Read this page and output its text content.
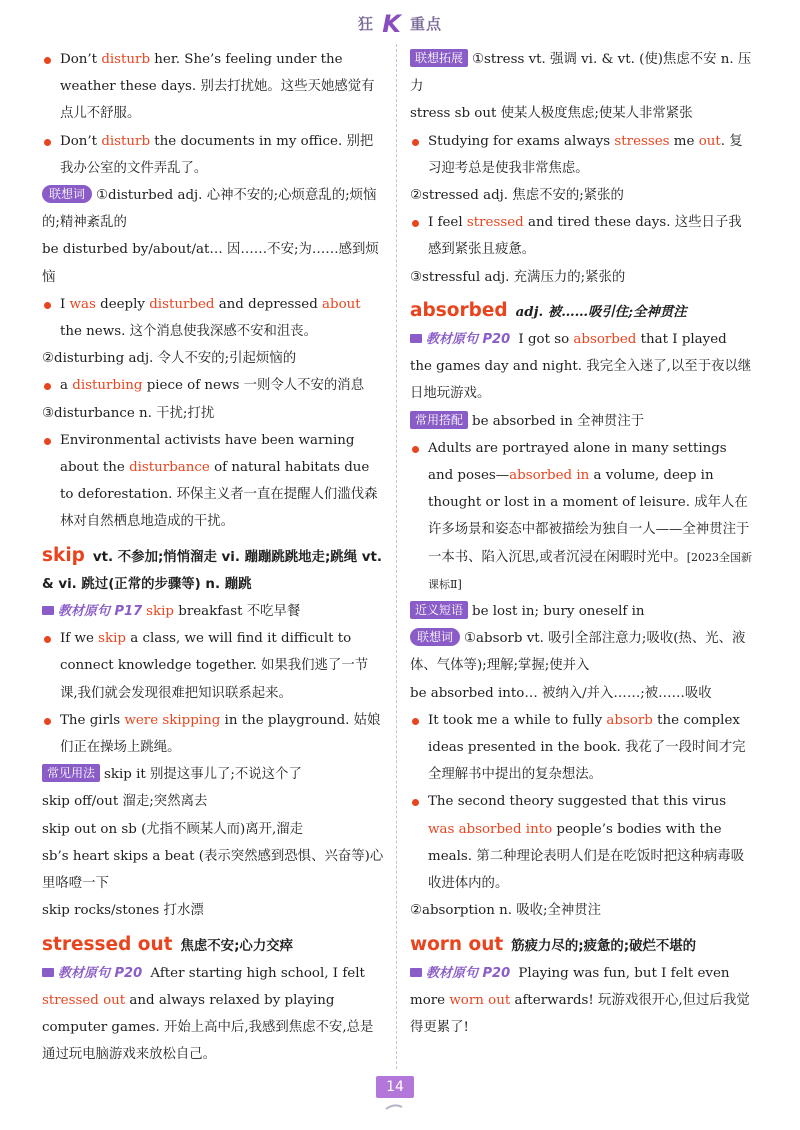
狂 K 重点

Don’t disturb her. She’s feeling under the weather these days. 别去打扰她。这些天她感觉有点儿不舒服。

Don’t disturb the documents in my office. 别把我办公室的文件弄乱了。

联想词 ①disturbed adj. 心神不安的;心烦意乱的;烦恼的;精神紊乱的

be disturbed by/about/at… 因……不安;为……感到烦恼

I was deeply disturbed and depressed about the news. 这个消息使我深感不安和沮丧。

②disturbing adj. 令人不安的;引起烦恼的

a disturbing piece of news 一则令人不安的消息

③disturbance n. 干扰;打扰

Environmental activists have been warning about the disturbance of natural habitats due to deforestation. 环保主义者一直在提醒人们滥伐森林对自然栖息地造成的干扰。

skip vt. 不参加;悄悄溜走 vi. 蹦蹦跳跳地走;跳绳 vt. & vi. 跳过(正常的步骤等) n. 蹦跳

教材原句 P17 skip breakfast 不吃早餐

If we skip a class, we will find it difficult to connect knowledge together. 如果我们逃了一节课,我们就会发现很难把知识联系起来。

The girls were skipping in the playground. 姑娘们正在操场上跳绳。

常见用法 skip it 别提这事儿了;不说这个了

skip off/out 溜走;突然离去

skip out on sb (尤指不顾某人而)离开,溜走

sb’s heart skips a beat (表示突然感到恐惧、兴奋等)心里咯噔一下

skip rocks/stones 打水漂

stressed out 焦虑不安;心力交瘁

教材原句 P20 After starting high school, I felt stressed out and always relaxed by playing computer games. 开始上高中后,我感到焦虑不安,总是通过玩电脑游戏来放松自己。

联想拓展 ①stress vt. 强调 vi. & vt. (使)焦虑不安 n. 压力

stress sb out 使某人极度焦虑;使某人非常紧张

Studying for exams always stresses me out. 复习迎考总是使我非常焦虑。

②stressed adj. 焦虑不安的;紧张的

I feel stressed and tired these days. 这些日子我感到紧张且疲惫。

③stressful adj. 充满压力的;紧张的

absorbed adj. 被……吸引住;全神贯注

教材原句 P20 I got so absorbed that I played the games day and night. 我完全入迷了,以至于夜以继日地玩游戏。

常用搭配 be absorbed in 全神贯注于

Adults are portrayed alone in many settings and poses—absorbed in a volume, deep in thought or lost in a moment of leisure. 成年人在许多场景和姿态中都被描绘为独自一人——全神贯注于一本书、陷入沉思,或者沉浸在闲暇时光中。[2023全国新课标Ⅱ]

近义短语 be lost in; bury oneself in

联想词 ①absorb vt. 吸引全部注意力;吸收(热、光、液体、气体等);理解;掌握;使并入

be absorbed into… 被纳入/并入……;被……吸收

It took me a while to fully absorb the complex ideas presented in the book. 我花了一段时间才完全理解书中提出的复杂想法。

The second theory suggested that this virus was absorbed into people’s bodies with the meals. 第二种理论表明人们是在吃饭时把这种病毒吸收进体内的。

②absorption n. 吸收;全神贯注

worn out 筋疲力尽的;疲惫的;破烂不堪的

教材原句 P20 Playing was fun, but I felt even more worn out afterwards! 玩游戏很开心,但过后我觉得更累了!

14
